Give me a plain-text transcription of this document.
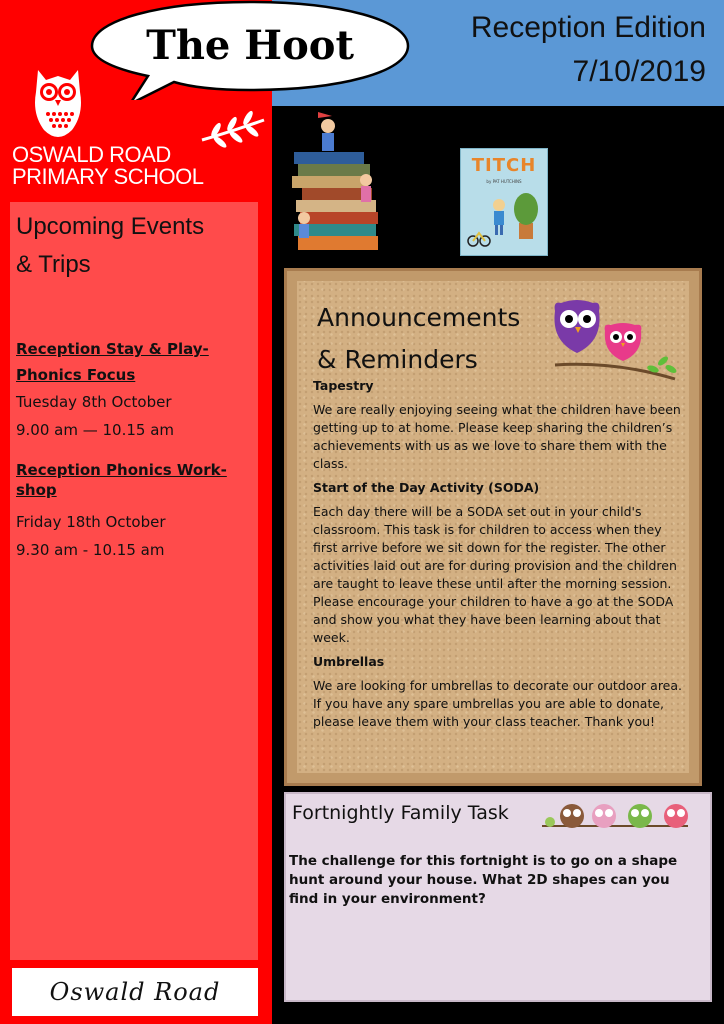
OSWALD ROAD
PRIMARY SCHOOL
Upcoming Events
& Trips
Reception Stay & Play-
Phonics Focus
Tuesday 8th October
9.00 am — 10.15 am
Reception Phonics Work-
shop
Friday 18th October
9.30 am - 10.15 am
Oswald Road
Reception Edition
7/10/2019
The Hoot
TITCH
by PAT HUTCHINS
Announcements
& Reminders
Tapestry

We are really enjoying seeing what the children have been getting up to at home. Please keep sharing the children’s achievements with us as we love to share them with the class.

Start of the Day Activity (SODA)

Each day there will be a SODA set out in your child's classroom. This task is for children to access when they first arrive before we sit down for the register. The other activities laid out are for during provision and the children are taught to leave these until after the morning session. Please encourage your children to have a go at the SODA and show you what they have been learning about that week.

Umbrellas

We are looking for umbrellas to decorate our outdoor area. If you have any spare umbrellas you are able to donate, please leave them with your class teacher. Thank you!

Fortnightly Family Task
The challenge for this fortnight is to go on a shape hunt around your house. What 2D shapes can you find in your environment?
